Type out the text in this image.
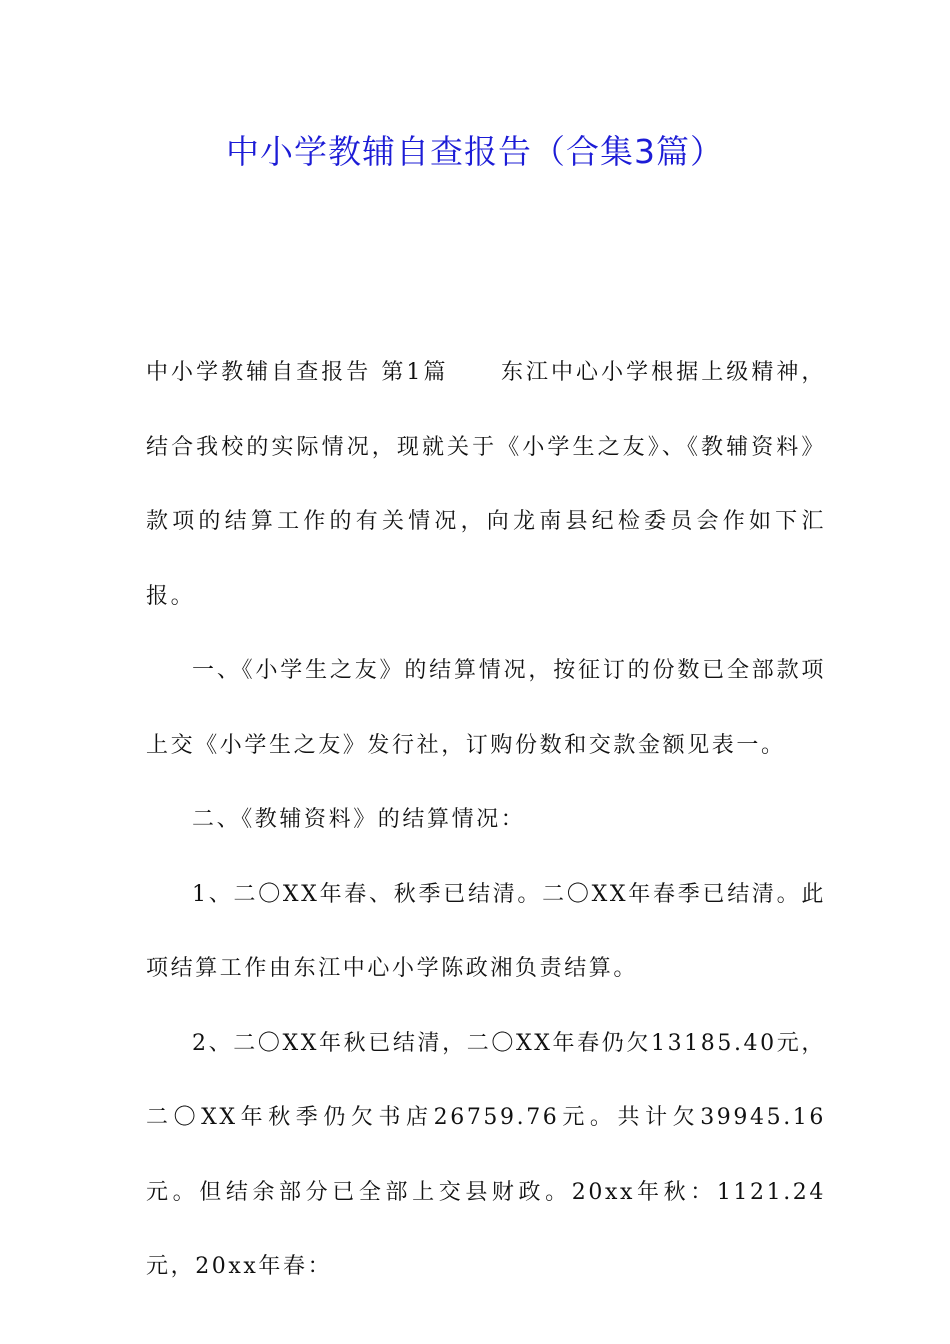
中小学教辅自查报告（合集3篇）

中小学教辅自查报告 第1篇 东江中心小学根据上级精神，结合我校的实际情况，现就关于《小学生之友》、《教辅资料》款项的结算工作的有关情况，向龙南县纪检委员会作如下汇报。

一、《小学生之友》的结算情况，按征订的份数已全部款项上交《小学生之友》发行社，订购份数和交款金额见表一。

二、《教辅资料》的结算情况：

1、二〇XX年春、秋季已结清。二〇XX年春季已结清。此项结算工作由东江中心小学陈政湘负责结算。

2、二〇XX年秋已结清，二〇XX年春仍欠13185.40元，二〇XX年秋季仍欠书店26759.76元。共计欠39945.16元。但结余部分已全部上交县财政。20xx年秋：1121.24元，20xx年春：
